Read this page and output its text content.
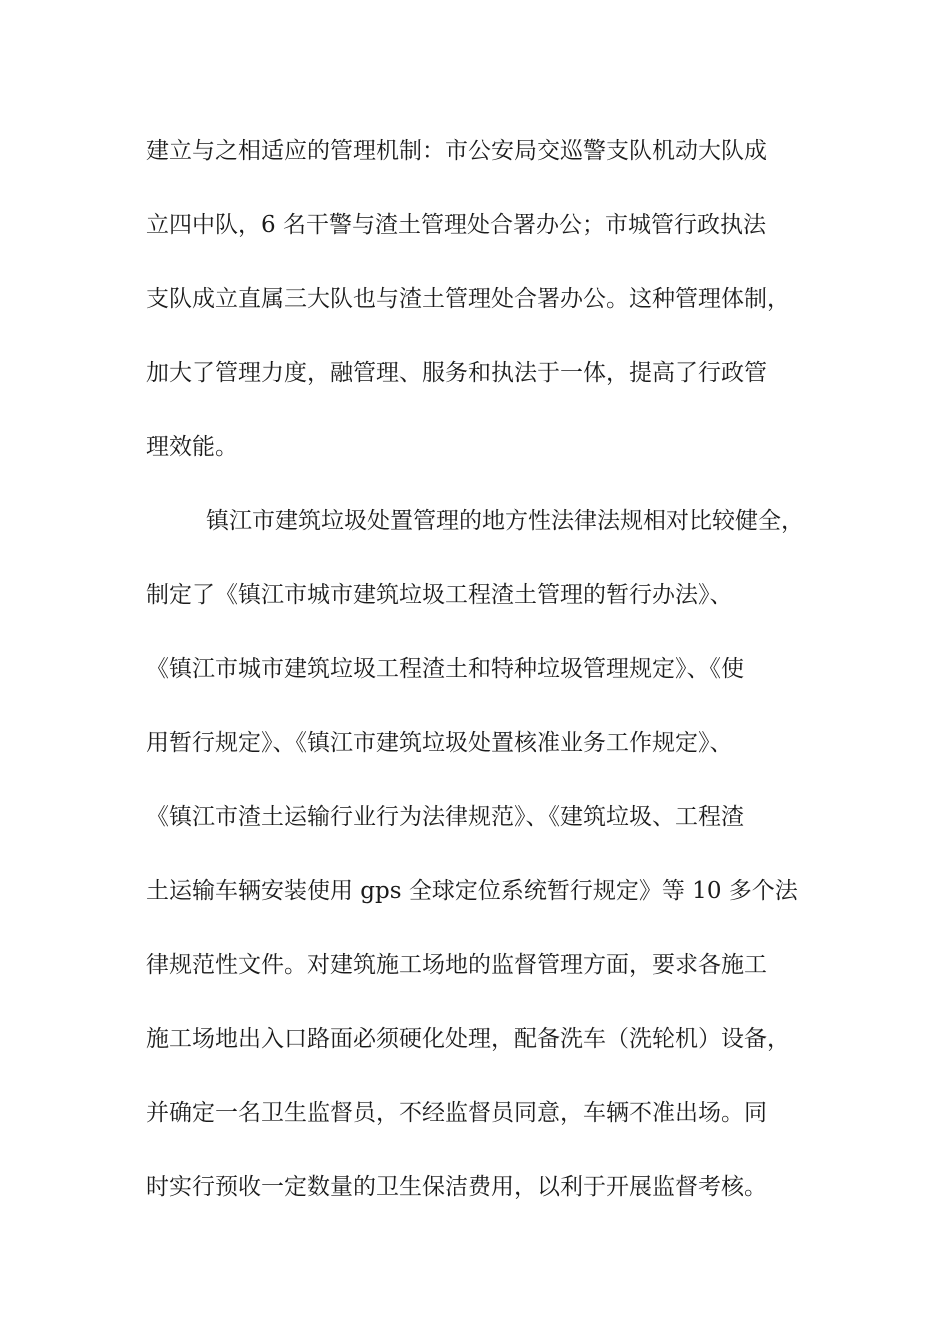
建立与之相适应的管理机制：市公安局交巡警支队机动大队成
立四中队，6 名干警与渣土管理处合署办公；市城管行政执法
支队成立直属三大队也与渣土管理处合署办公。这种管理体制，
加大了管理力度，融管理、服务和执法于一体，提高了行政管
理效能。
镇江市建筑垃圾处置管理的地方性法律法规相对比较健全，
制定了《镇江市城市建筑垃圾工程渣土管理的暂行办法》、
《镇江市城市建筑垃圾工程渣土和特种垃圾管理规定》、《使
用暂行规定》、《镇江市建筑垃圾处置核准业务工作规定》、
《镇江市渣土运输行业行为法律规范》、《建筑垃圾、工程渣
土运输车辆安装使用 gps 全球定位系统暂行规定》等 10 多个法
律规范性文件。对建筑施工场地的监督管理方面，要求各施工
施工场地出入口路面必须硬化处理，配备洗车（洗轮机）设备，
并确定一名卫生监督员，不经监督员同意，车辆不准出场。同
时实行预收一定数量的卫生保洁费用，以利于开展监督考核。
